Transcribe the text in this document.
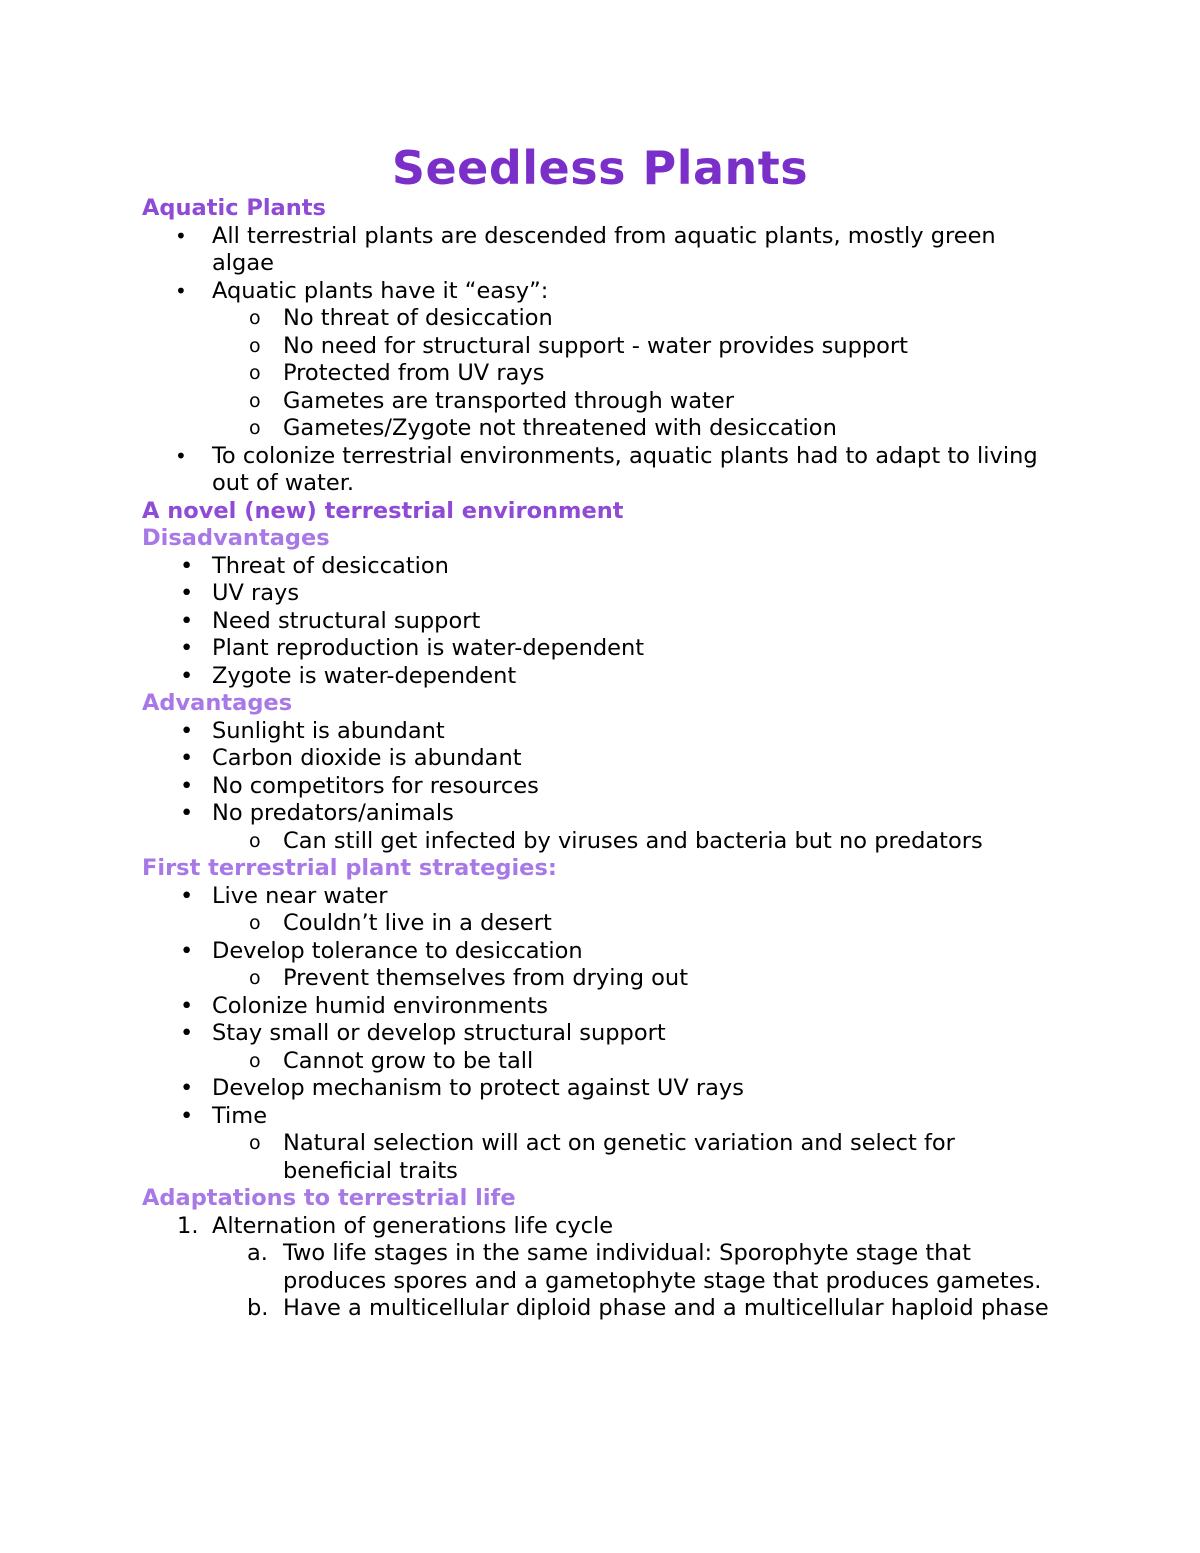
Seedless Plants
Aquatic Plants
•	All terrestrial plants are descended from aquatic plants, mostly green algae
•	Aquatic plants have it “easy”:
o No threat of desiccation
o No need for structural support - water provides support
o Protected from UV rays
o Gametes are transported through water
o Gametes/Zygote not threatened with desiccation
•	To colonize terrestrial environments, aquatic plants had to adapt to living out of water.
A novel (new) terrestrial environment
Disadvantages
• Threat of desiccation
• UV rays
• Need structural support
• Plant reproduction is water-dependent
• Zygote is water-dependent
Advantages
• Sunlight is abundant
• Carbon dioxide is abundant
• No competitors for resources
• No predators/animals
o Can still get infected by viruses and bacteria but no predators
First terrestrial plant strategies:
• Live near water
o Couldn’t live in a desert
• Develop tolerance to desiccation
o Prevent themselves from drying out
• Colonize humid environments
• Stay small or develop structural support
o Cannot grow to be tall
• Develop mechanism to protect against UV rays
• Time
o Natural selection will act on genetic variation and select for beneficial traits
Adaptations to terrestrial life
1. Alternation of generations life cycle
a. Two life stages in the same individual: Sporophyte stage that produces spores and a gametophyte stage that produces gametes.
b. Have a multicellular diploid phase and a multicellular haploid phase
